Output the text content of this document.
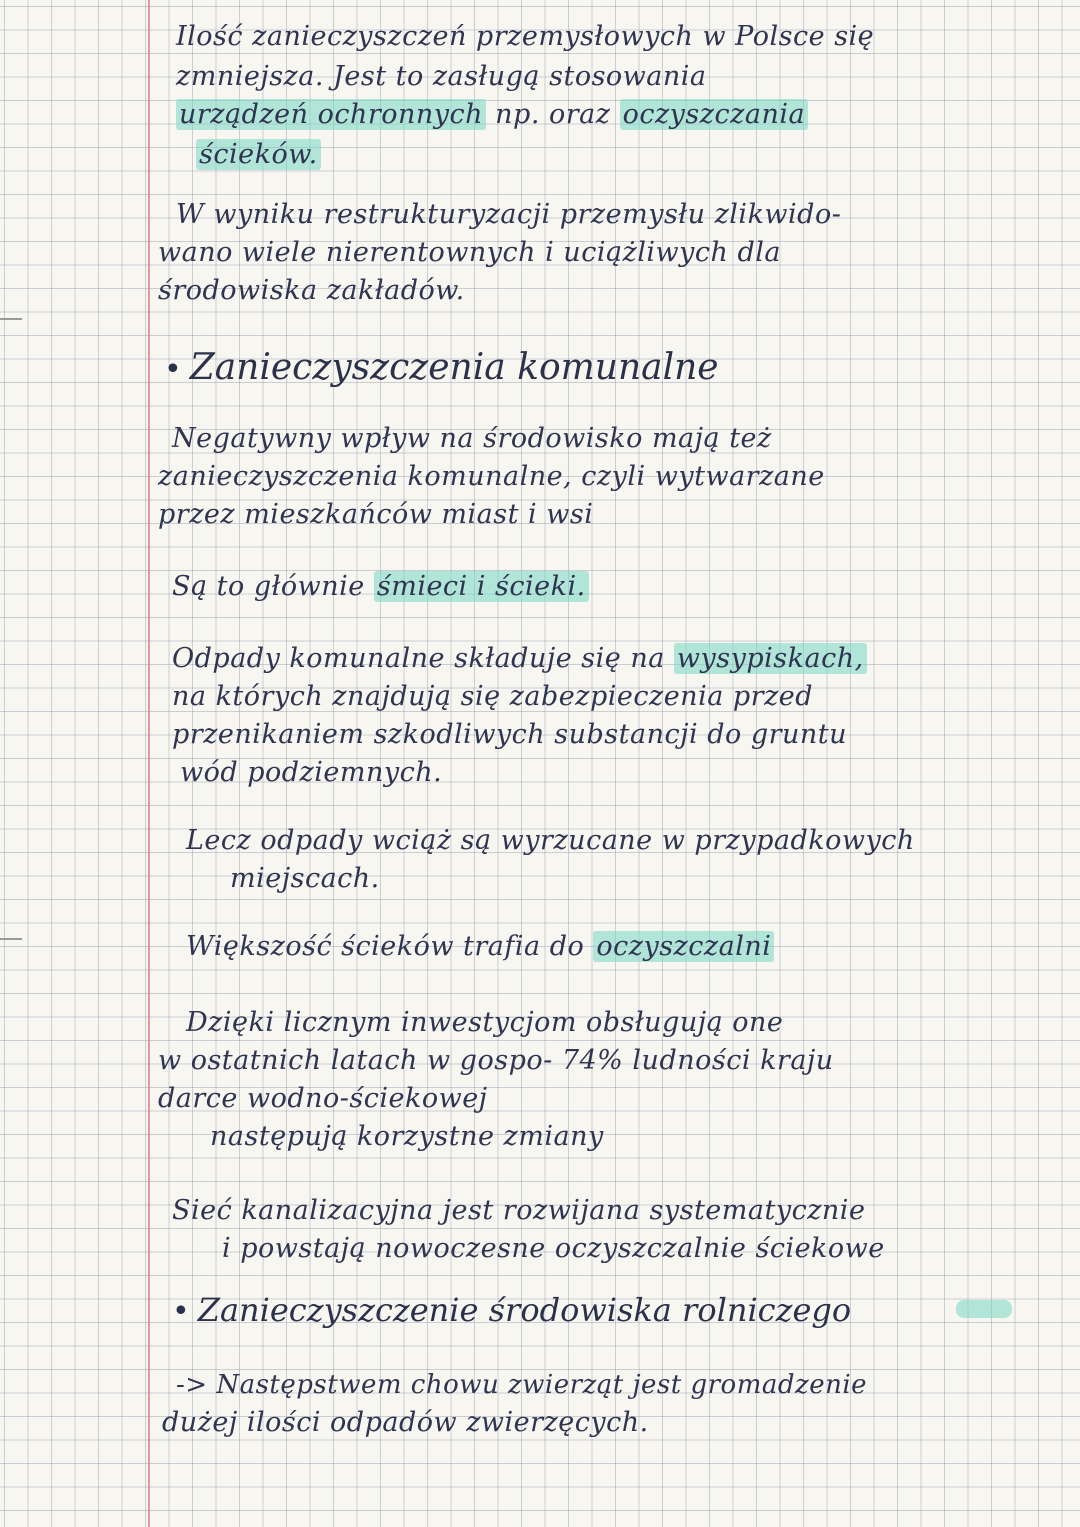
Ilość zanieczyszczeń przemysłowych w Polsce się
zmniejsza. Jest to zasługą stosowania
urządzeń ochronnych np. oraz oczyszczania
ścieków.
W wyniku restrukturyzacji przemysłu zlikwido-
wano wiele nierentownych i uciążliwych dla
środowiska zakładów.
• Zanieczyszczenia komunalne
Negatywny wpływ na środowisko mają też
zanieczyszczenia komunalne, czyli wytwarzane
przez mieszkańców miast i wsi
Są to głównie śmieci i ścieki.
Odpady komunalne składuje się na wysypiskach,
na których znajdują się zabezpieczenia przed
przenikaniem szkodliwych substancji do gruntu
wód podziemnych.
Lecz odpady wciąż są wyrzucane w przypadkowych
miejscach.
Większość ścieków trafia do oczyszczalni
Dzięki licznym inwestycjom obsługują one
w ostatnich latach w gospo- 74% ludności kraju
darce wodno-ściekowej
następują korzystne zmiany
Sieć kanalizacyjna jest rozwijana systematycznie
i powstają nowoczesne oczyszczalnie ściekowe
• Zanieczyszczenie środowiska rolniczego
-> Następstwem chowu zwierząt jest gromadzenie
dużej ilości odpadów zwierzęcych.
